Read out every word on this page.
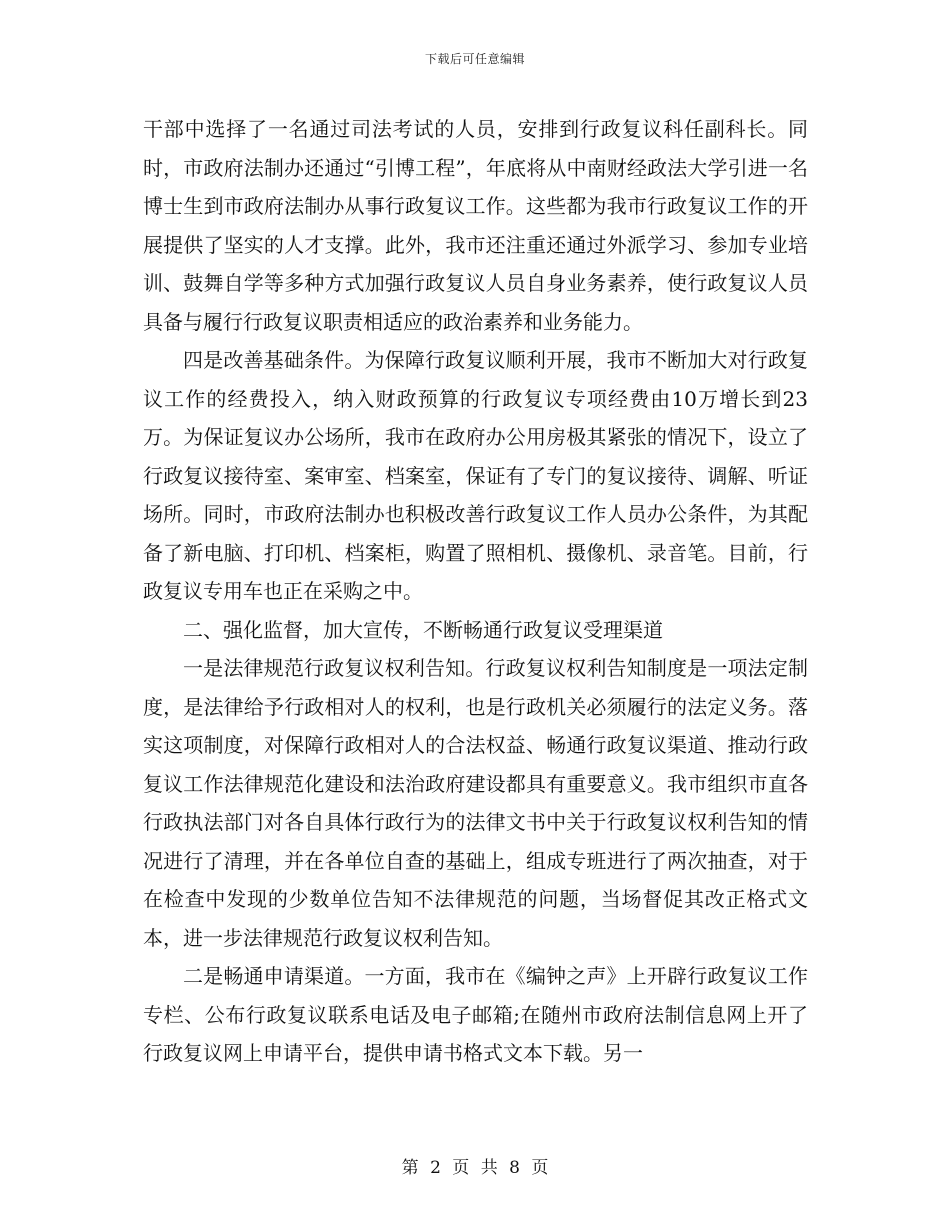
下载后可任意编辑

干部中选择了一名通过司法考试的人员，安排到行政复议科任副科长。同时，市政府法制办还通过“引博工程”，年底将从中南财经政法大学引进一名博士生到市政府法制办从事行政复议工作。这些都为我市行政复议工作的开展提供了坚实的人才支撑。此外，我市还注重还通过外派学习、参加专业培训、鼓舞自学等多种方式加强行政复议人员自身业务素养，使行政复议人员具备与履行行政复议职责相适应的政治素养和业务能力。

四是改善基础条件。为保障行政复议顺利开展，我市不断加大对行政复议工作的经费投入，纳入财政预算的行政复议专项经费由10万增长到23万。为保证复议办公场所，我市在政府办公用房极其紧张的情况下，设立了行政复议接待室、案审室、档案室，保证有了专门的复议接待、调解、听证场所。同时，市政府法制办也积极改善行政复议工作人员办公条件，为其配备了新电脑、打印机、档案柜，购置了照相机、摄像机、录音笔。目前，行政复议专用车也正在采购之中。

二、强化监督，加大宣传，不断畅通行政复议受理渠道

一是法律规范行政复议权利告知。行政复议权利告知制度是一项法定制度，是法律给予行政相对人的权利，也是行政机关必须履行的法定义务。落实这项制度，对保障行政相对人的合法权益、畅通行政复议渠道、推动行政复议工作法律规范化建设和法治政府建设都具有重要意义。我市组织市直各行政执法部门对各自具体行政行为的法律文书中关于行政复议权利告知的情况进行了清理，并在各单位自查的基础上，组成专班进行了两次抽查，对于在检查中发现的少数单位告知不法律规范的问题，当场督促其改正格式文本，进一步法律规范行政复议权利告知。

二是畅通申请渠道。一方面，我市在《编钟之声》上开辟行政复议工作专栏、公布行政复议联系电话及电子邮箱;在随州市政府法制信息网上开了行政复议网上申请平台，提供申请书格式文本下载。另一

第 2 页 共 8 页
